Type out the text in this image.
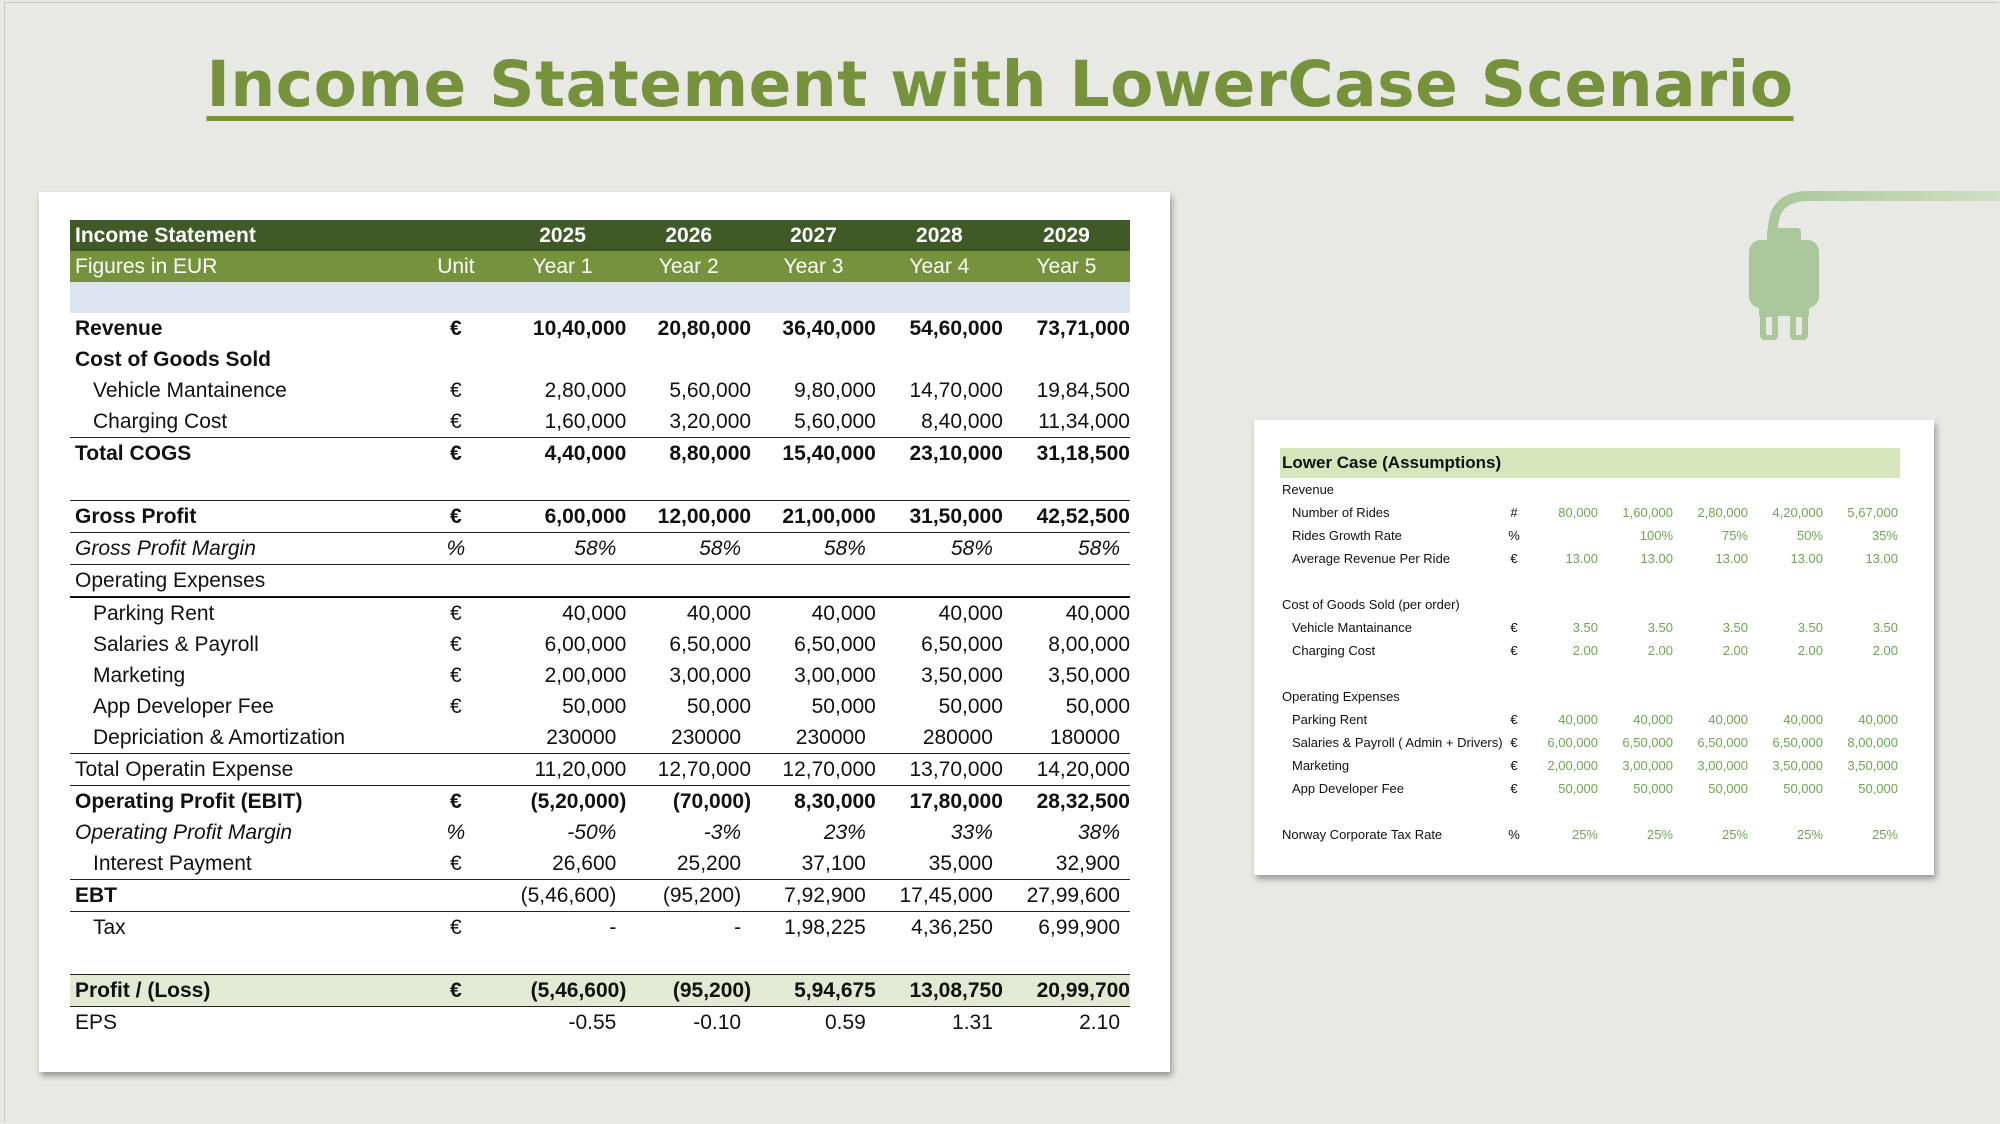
Income Statement with LowerCase Scenario
Income Statement		2025	2026	2027	2028	2029
Figures in EUR	Unit	Year 1	Year 2	Year 3	Year 4	Year 5

Revenue	€	10,40,000	20,80,000	36,40,000	54,60,000	73,71,000
Cost of Goods Sold						
Vehicle Mantainence	€	2,80,000	5,60,000	9,80,000	14,70,000	19,84,500
Charging Cost	€	1,60,000	3,20,000	5,60,000	8,40,000	11,34,000
Total COGS	€	4,40,000	8,80,000	15,40,000	23,10,000	31,18,500

Gross Profit	€	6,00,000	12,00,000	21,00,000	31,50,000	42,52,500
Gross Profit Margin	%	58%	58%	58%	58%	58%
Operating Expenses						
Parking Rent	€	40,000	40,000	40,000	40,000	40,000
Salaries & Payroll	€	6,00,000	6,50,000	6,50,000	6,50,000	8,00,000
Marketing	€	2,00,000	3,00,000	3,00,000	3,50,000	3,50,000
App Developer Fee	€	50,000	50,000	50,000	50,000	50,000
Depriciation & Amortization		230000	230000	230000	280000	180000
Total Operatin Expense		11,20,000	12,70,000	12,70,000	13,70,000	14,20,000
Operating Profit (EBIT)	€	(5,20,000)	(70,000)	8,30,000	17,80,000	28,32,500
Operating Profit Margin	%	-50%	-3%	23%	33%	38%
Interest Payment	€	26,600	25,200	37,100	35,000	32,900
EBT		(5,46,600)	(95,200)	7,92,900	17,45,000	27,99,600
Tax	€	-	-	1,98,225	4,36,250	6,99,900

Profit / (Loss)	€	(5,46,600)	(95,200)	5,94,675	13,08,750	20,99,700
EPS		-0.55	-0.10	0.59	1.31	2.10
Lower Case (Assumptions)						
Revenue						
Number of Rides	#	80,000	1,60,000	2,80,000	4,20,000	5,67,000
Rides Growth Rate	%		100%	75%	50%	35%
Average Revenue Per Ride	€	13.00	13.00	13.00	13.00	13.00

Cost of Goods Sold (per order)						
Vehicle Mantainance	€	3.50	3.50	3.50	3.50	3.50
Charging Cost	€	2.00	2.00	2.00	2.00	2.00

Operating Expenses						
Parking Rent	€	40,000	40,000	40,000	40,000	40,000
Salaries & Payroll ( Admin + Drivers)	€	6,00,000	6,50,000	6,50,000	6,50,000	8,00,000
Marketing	€	2,00,000	3,00,000	3,00,000	3,50,000	3,50,000
App Developer Fee	€	50,000	50,000	50,000	50,000	50,000

Norway Corporate Tax Rate	%	25%	25%	25%	25%	25%
